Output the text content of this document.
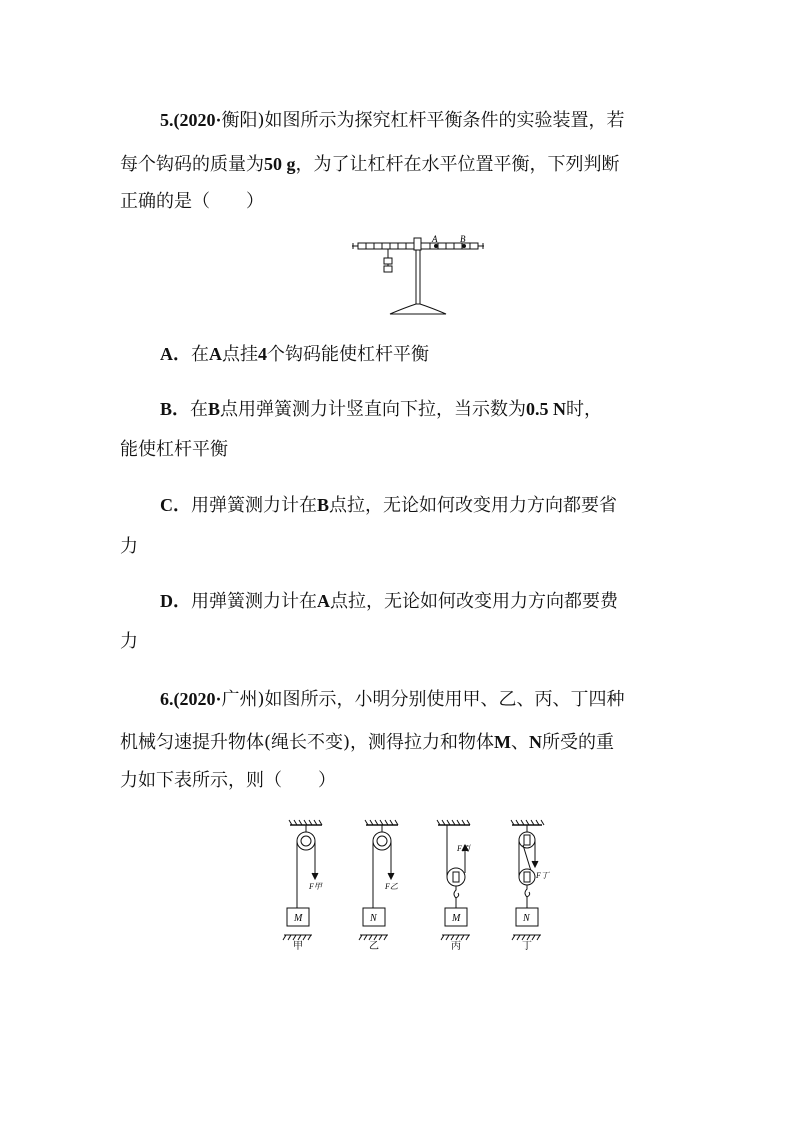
5.(2020·衡阳)如图所示为探究杠杆平衡条件的实验装置，若
每个钩码的质量为50 g，为了让杠杆在水平位置平衡，下列判断
正确的是（　　）
A	B
A．在A点挂4个钩码能使杠杆平衡
B．在B点用弹簧测力计竖直向下拉，当示数为0.5 N时，
能使杠杆平衡
C．用弹簧测力计在B点拉，无论如何改变用力方向都要省
力
D．用弹簧测力计在A点拉，无论如何改变用力方向都要费
力
6.(2020·广州)如图所示，小明分别使用甲、乙、丙、丁四种
机械匀速提升物体(绳长不变)，测得拉力和物体M、N所受的重
力如下表所示，则（　　）
M	N	M	N
F甲	F乙
F丙
F丁
甲	乙	丙	丁
